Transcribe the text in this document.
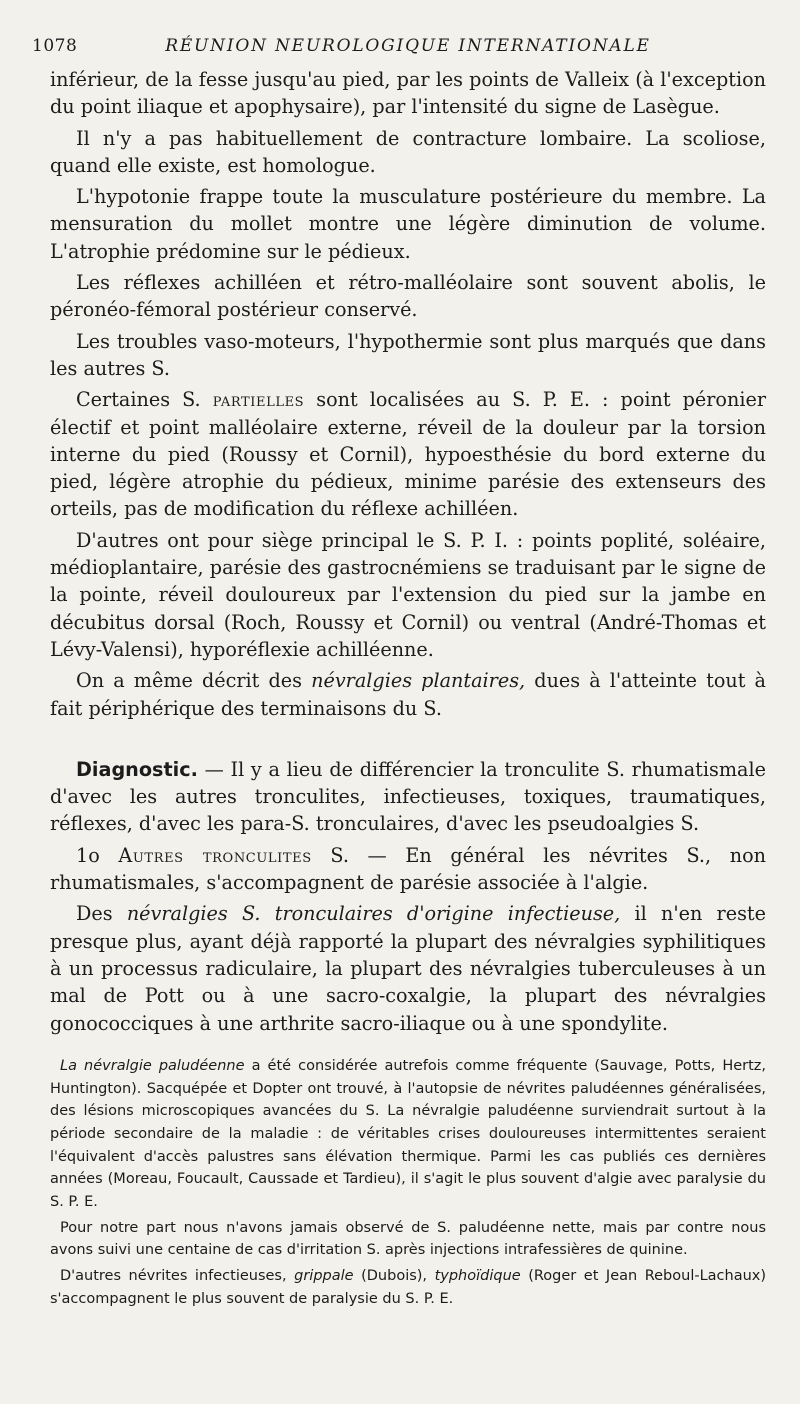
1078	RÉUNION NEUROLOGIQUE INTERNATIONALE

inférieur, de la fesse jusqu'au pied, par les points de Valleix (à l'exception du point iliaque et apophysaire), par l'intensité du signe de Lasègue.

Il n'y a pas habituellement de contracture lombaire. La scoliose, quand elle existe, est homologue.

L'hypotonie frappe toute la musculature postérieure du membre. La mensuration du mollet montre une légère diminution de volume. L'atrophie prédomine sur le pédieux.

Les réflexes achilléen et rétro-malléolaire sont souvent abolis, le péronéo-fémoral postérieur conservé.

Les troubles vaso-moteurs, l'hypothermie sont plus marqués que dans les autres S.

Certaines S. partielles sont localisées au S. P. E. : point péronier électif et point malléolaire externe, réveil de la douleur par la torsion interne du pied (Roussy et Cornil), hypoesthésie du bord externe du pied, légère atrophie du pédieux, minime parésie des extenseurs des orteils, pas de modification du réflexe achilléen.

D'autres ont pour siège principal le S. P. I. : points poplité, soléaire, médioplantaire, parésie des gastrocnémiens se traduisant par le signe de la pointe, réveil douloureux par l'extension du pied sur la jambe en décubitus dorsal (Roch, Roussy et Cornil) ou ventral (André-Thomas et Lévy-Valensi), hyporéflexie achilléenne.

On a même décrit des névralgies plantaires, dues à l'atteinte tout à fait périphérique des terminaisons du S.

Diagnostic. — Il y a lieu de différencier la tronculite S. rhumatismale d'avec les autres tronculites, infectieuses, toxiques, traumatiques, réflexes, d'avec les para-S. tronculaires, d'avec les pseudoalgies S.

1o Autres tronculites S. — En général les névrites S., non rhumatismales, s'accompagnent de parésie associée à l'algie.

Des névralgies S. tronculaires d'origine infectieuse, il n'en reste presque plus, ayant déjà rapporté la plupart des névralgies syphilitiques à un processus radiculaire, la plupart des névralgies tuberculeuses à un mal de Pott ou à une sacro-coxalgie, la plupart des névralgies gonococciques à une arthrite sacro-iliaque ou à une spondylite.

La névralgie paludéenne a été considérée autrefois comme fréquente (Sauvage, Potts, Hertz, Huntington). Sacquépée et Dopter ont trouvé, à l'autopsie de névrites paludéennes généralisées, des lésions microscopiques avancées du S. La névralgie paludéenne surviendrait surtout à la période secondaire de la maladie : de véritables crises douloureuses intermittentes seraient l'équivalent d'accès palustres sans élévation thermique. Parmi les cas publiés ces dernières années (Moreau, Foucault, Caussade et Tardieu), il s'agit le plus souvent d'algie avec paralysie du S. P. E.

Pour notre part nous n'avons jamais observé de S. paludéenne nette, mais par contre nous avons suivi une centaine de cas d'irritation S. après injections intrafessières de quinine.

D'autres névrites infectieuses, grippale (Dubois), typhoïdique (Roger et Jean Reboul-Lachaux) s'accompagnent le plus souvent de paralysie du S. P. E.
